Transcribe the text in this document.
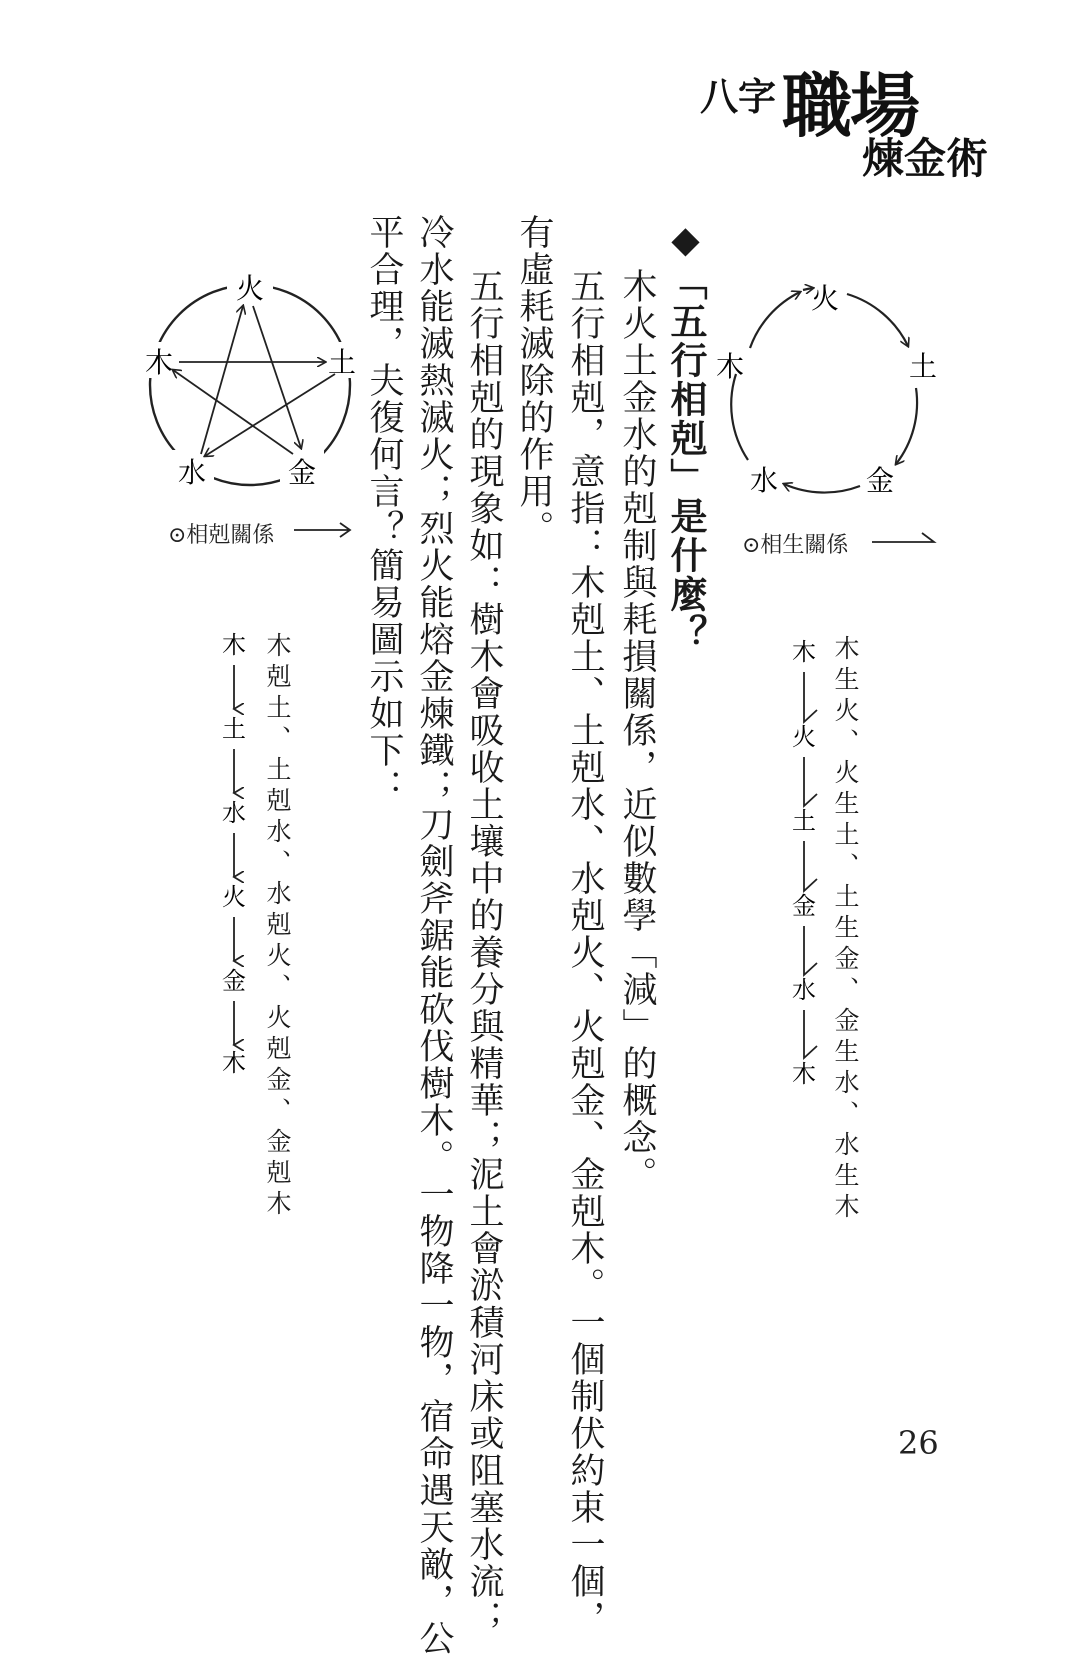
八字 職場
煉金術
◆「五行相剋」是什麼？
木火土金水的剋制與耗損關係，近似數學「減」的概念。
五行相剋，意指：木剋土、土剋水、水剋火、火剋金、金剋木。一個制伏約束一個，
有虛耗滅除的作用。
五行相剋的現象如：樹木會吸收土壤中的養分與精華；泥土會淤積河床或阻塞水流；
冷水能滅熱滅火；烈火能熔金煉鐵；刀劍斧鋸能砍伐樹木。一物降一物，宿命遇天敵，公
平合理，夫復何言？簡易圖示如下：	火
土
金
水
木
⊙相生關係
木生火、火生土、土生金、金生水、水生木
木
火
土
金
水
木
火
土
金
水
木
⊙相剋關係
木剋土、土剋水、水剋火、火剋金、金剋木
木
土
水
火
金
木
26
